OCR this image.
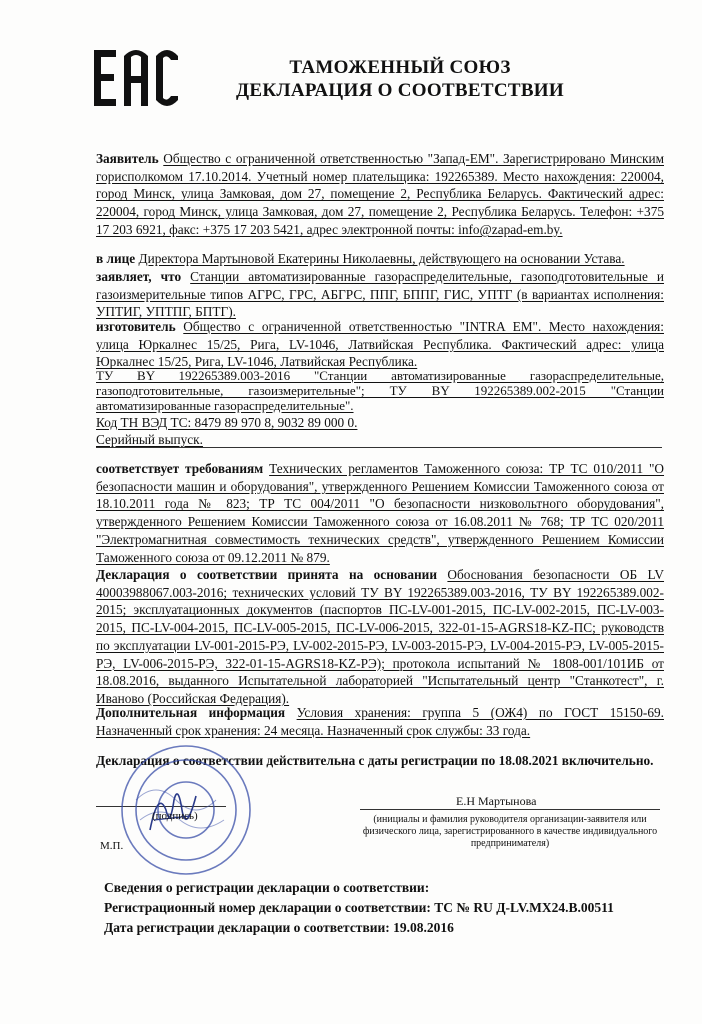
ТАМОЖЕННЫЙ СОЮЗ
ДЕКЛАРАЦИЯ О СООТВЕТСТВИИ
Заявитель Общество с ограниченной ответственностью "Запад-ЕМ". Зарегистрировано Минским горисполкомом 17.10.2014. Учетный номер плательщика: 192265389. Место нахождения: 220004, город Минск, улица Замковая, дом 27, помещение 2, Республика Беларусь. Фактический адрес: 220004, город Минск, улица Замковая, дом 27, помещение 2, Республика Беларусь. Телефон: +375 17 203 6921, факс: +375 17 203 5421, адрес электронной почты: info@zapad-em.by.
в лице Директора Мартыновой Екатерины Николаевны, действующего на основании Устава.
заявляет, что Станции автоматизированные газораспределительные, газоподготовительные и газоизмерительные типов АГРС, ГРС, АБГРС, ППГ, БППГ, ГИС, УПТГ (в вариантах исполнения: УПТИГ, УПТПГ, БПТГ).
изготовитель Общество с ограниченной ответственностью "INTRA EM". Место нахождения: улица Юркалнес 15/25, Рига, LV-1046, Латвийская Республика. Фактический адрес: улица Юркалнес 15/25, Рига, LV-1046, Латвийская Республика.
ТУ BY 192265389.003-2016 "Станции автоматизированные газораспределительные, газоподготовительные, газоизмерительные"; ТУ BY 192265389.002-2015 "Станции автоматизированные газораспределительные".
Код ТН ВЭД ТС: 8479 89 970 8, 9032 89 000 0.
Серийный выпуск.
соответствует требованиям Технических регламентов Таможенного союза: ТР ТС 010/2011 "О безопасности машин и оборудования", утвержденного Решением Комиссии Таможенного союза от 18.10.2011 года № 823; ТР ТС 004/2011 "О безопасности низковольтного оборудования", утвержденного Решением Комиссии Таможенного союза от 16.08.2011 № 768; ТР ТС 020/2011 "Электромагнитная совместимость технических средств", утвержденного Решением Комиссии Таможенного союза от 09.12.2011 № 879.
Декларация о соответствии принята на основании Обоснования безопасности ОБ LV 40003988067.003-2016; технических условий ТУ BY 192265389.003-2016, ТУ BY 192265389.002-2015; эксплуатационных документов (паспортов ПС-LV-001-2015, ПС-LV-002-2015, ПС-LV-003-2015, ПС-LV-004-2015, ПС-LV-005-2015, ПС-LV-006-2015, 322-01-15-AGRS18-KZ-ПС; руководств по эксплуатации LV-001-2015-РЭ, LV-002-2015-РЭ, LV-003-2015-РЭ, LV-004-2015-РЭ, LV-005-2015-РЭ, LV-006-2015-РЭ, 322-01-15-AGRS18-KZ-РЭ); протокола испытаний № 1808-001/101ИБ от 18.08.2016, выданного Испытательной лабораторией "Испытательный центр "Станкотест", г. Иваново (Российская Федерация).
Дополнительная информация Условия хранения: группа 5 (ОЖ4) по ГОСТ 15150-69. Назначенный срок хранения: 24 месяца. Назначенный срок службы: 33 года.
Декларация о соответствии действительна с даты регистрации по 18.08.2021 включительно.
(подпись)
М.П.
Е.Н Мартынова
(инициалы и фамилия руководителя организации-заявителя или физического лица, зарегистрированного в качестве индивидуального предпринимателя)
Сведения о регистрации декларации о соответствии:
Регистрационный номер декларации о соответствии: ТС № RU Д-LV.МХ24.В.00511
Дата регистрации декларации о соответствии: 19.08.2016
